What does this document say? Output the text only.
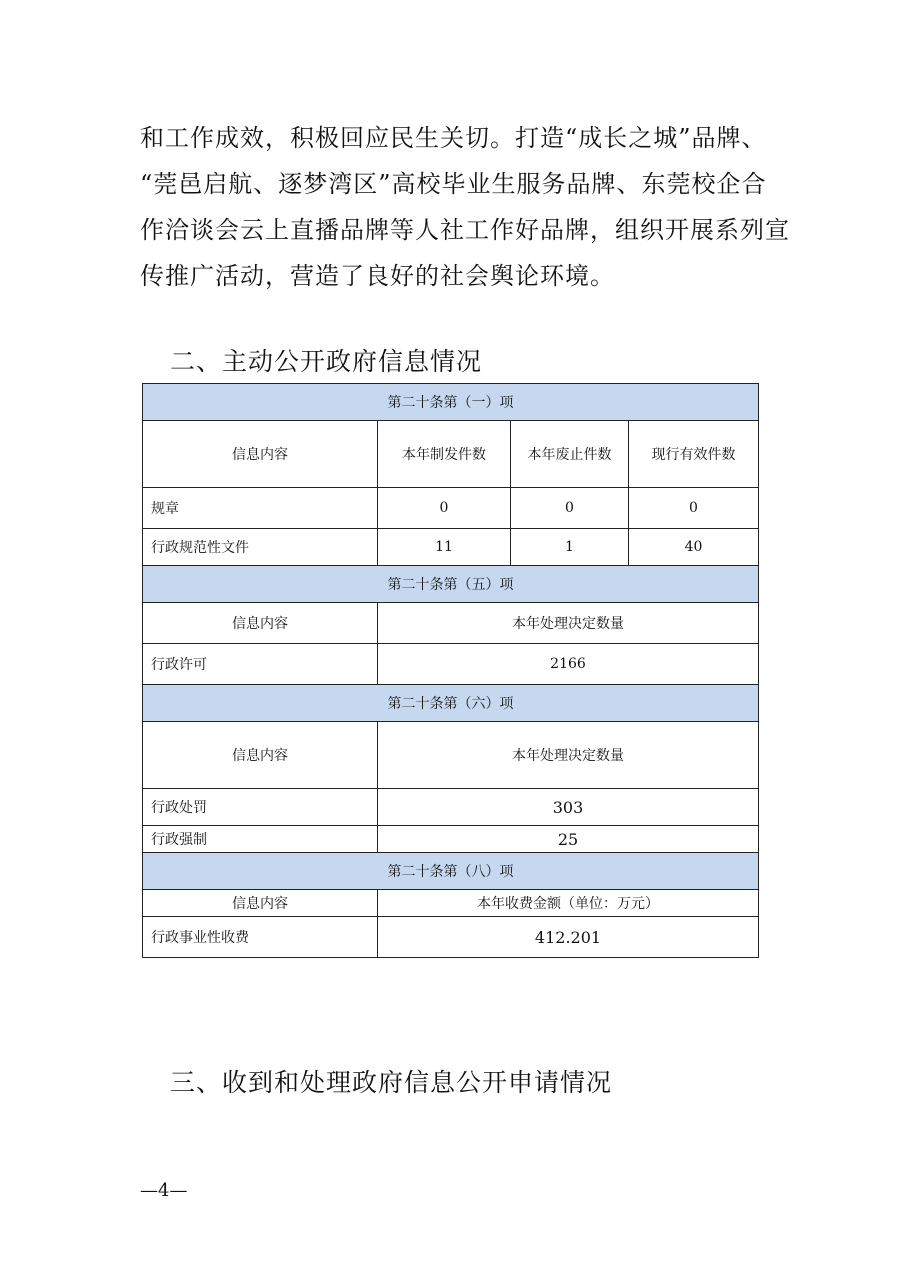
和工作成效，积极回应民生关切。打造“成长之城”品牌、

“莞邑启航、逐梦湾区”高校毕业生服务品牌、东莞校企合

作洽谈会云上直播品牌等人社工作好品牌，组织开展系列宣

传推广活动，营造了良好的社会舆论环境。

二、主动公开政府信息情况
第二十条第（一）项			
信息内容	本年制发件数	本年废止件数	现行有效件数
规章	0	0	0
行政规范性文件	11	1	40
第二十条第（五）项			
信息内容	本年处理决定数量		
行政许可	2166		
第二十条第（六）项			
信息内容	本年处理决定数量		
行政处罚	303		
行政强制	25		
第二十条第（八）项			
信息内容	本年收费金额（单位：万元）		
行政事业性收费	412.201		
三、收到和处理政府信息公开申请情况
—4—
